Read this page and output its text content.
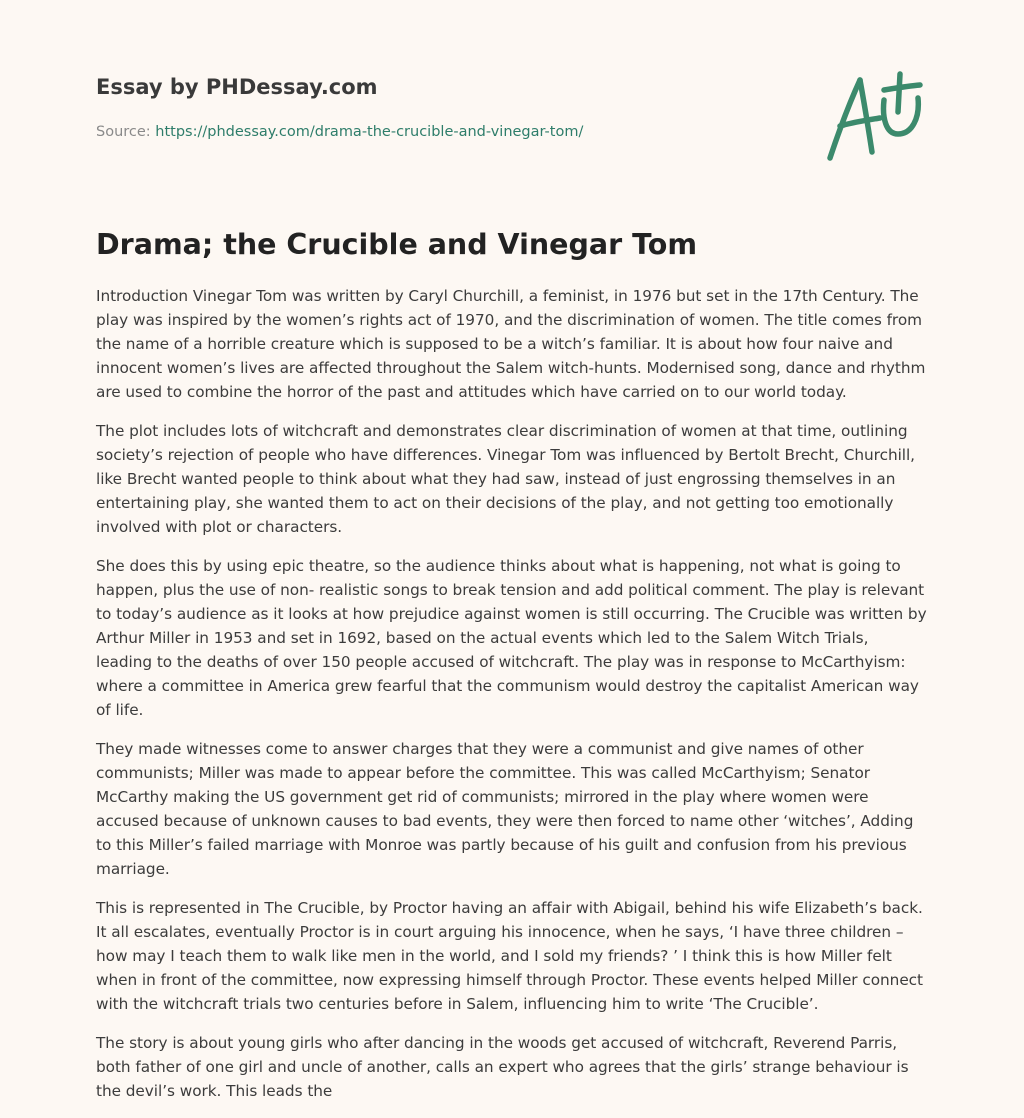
Essay by PHDessay.com
Source: https://phdessay.com/drama-the-crucible-and-vinegar-tom/
Drama; the Crucible and Vinegar Tom

Introduction Vinegar Tom was written by Caryl Churchill, a feminist, in 1976 but set in the 17th Century. The play was inspired by the women’s rights act of 1970, and the discrimination of women. The title comes from the name of a horrible creature which is supposed to be a witch’s familiar. It is about how four naive and innocent women’s lives are affected throughout the Salem witch-hunts. Modernised song, dance and rhythm are used to combine the horror of the past and attitudes which have carried on to our world today.

The plot includes lots of witchcraft and demonstrates clear discrimination of women at that time, outlining society’s rejection of people who have differences. Vinegar Tom was influenced by Bertolt Brecht, Churchill, like Brecht wanted people to think about what they had saw, instead of just engrossing themselves in an entertaining play, she wanted them to act on their decisions of the play, and not getting too emotionally involved with plot or characters.

She does this by using epic theatre, so the audience thinks about what is happening, not what is going to happen, plus the use of non- realistic songs to break tension and add political comment. The play is relevant to today’s audience as it looks at how prejudice against women is still occurring. The Crucible was written by Arthur Miller in 1953 and set in 1692, based on the actual events which led to the Salem Witch Trials, leading to the deaths of over 150 people accused of witchcraft. The play was in response to McCarthyism: where a committee in America grew fearful that the communism would destroy the capitalist American way of life.

They made witnesses come to answer charges that they were a communist and give names of other communists; Miller was made to appear before the committee. This was called McCarthyism; Senator McCarthy making the US government get rid of communists; mirrored in the play where women were accused because of unknown causes to bad events, they were then forced to name other ‘witches’, Adding to this Miller’s failed marriage with Monroe was partly because of his guilt and confusion from his previous marriage.

This is represented in The Crucible, by Proctor having an affair with Abigail, behind his wife Elizabeth’s back. It all escalates, eventually Proctor is in court arguing his innocence, when he says, ‘I have three children – how may I teach them to walk like men in the world, and I sold my friends? ’ I think this is how Miller felt when in front of the committee, now expressing himself through Proctor. These events helped Miller connect with the witchcraft trials two centuries before in Salem, influencing him to write ‘The Crucible’.

The story is about young girls who after dancing in the woods get accused of witchcraft, Reverend Parris, both father of one girl and uncle of another, calls an expert who agrees that the girls’ strange behaviour is the devil’s work. This leads the
